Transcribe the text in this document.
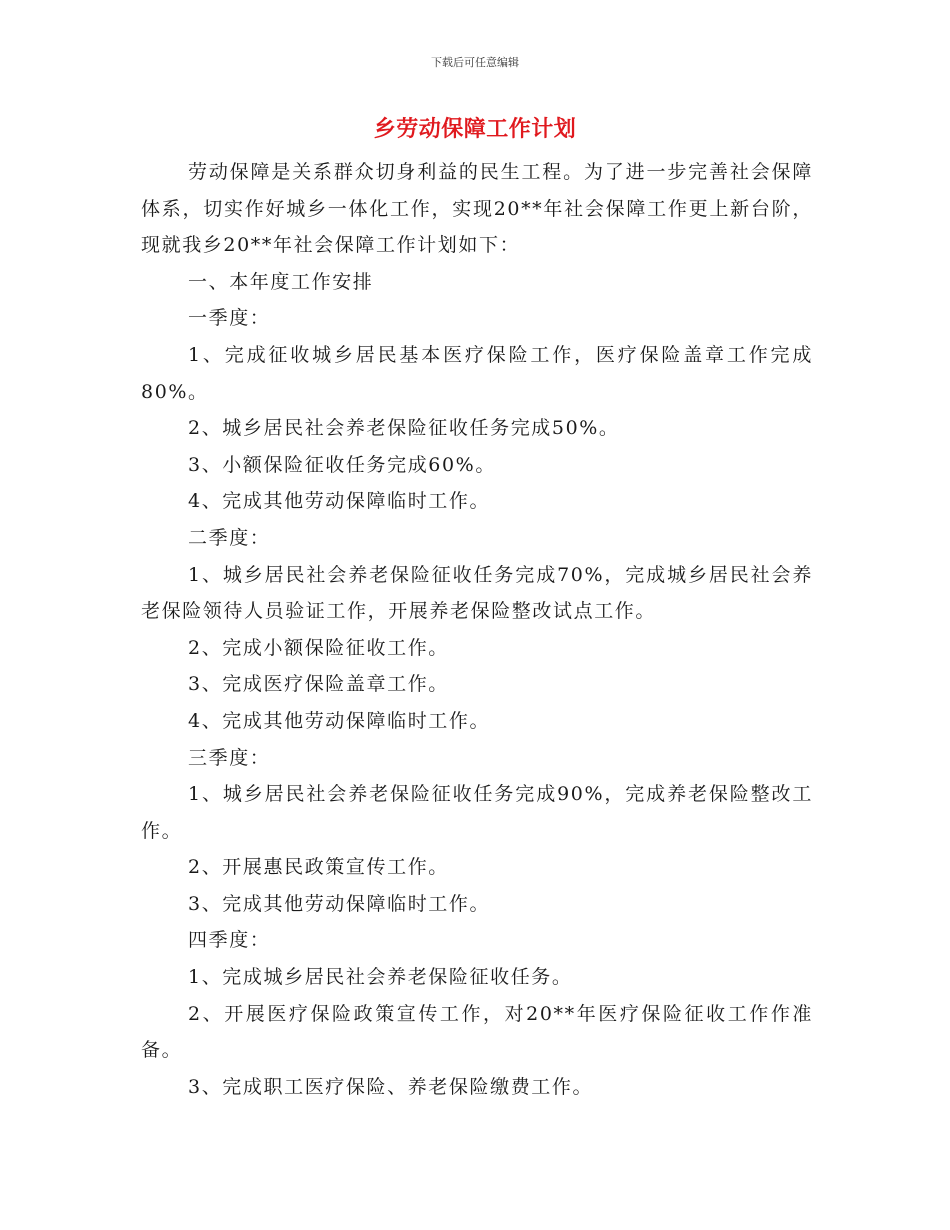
下载后可任意编辑
乡劳动保障工作计划

劳动保障是关系群众切身利益的民生工程。为了进一步完善社会保障体系，切实作好城乡一体化工作，实现20**年社会保障工作更上新台阶，现就我乡20**年社会保障工作计划如下：

一、本年度工作安排

一季度：

1、完成征收城乡居民基本医疗保险工作，医疗保险盖章工作完成80%。

2、城乡居民社会养老保险征收任务完成50%。

3、小额保险征收任务完成60%。

4、完成其他劳动保障临时工作。

二季度：

1、城乡居民社会养老保险征收任务完成70%，完成城乡居民社会养老保险领待人员验证工作，开展养老保险整改试点工作。

2、完成小额保险征收工作。

3、完成医疗保险盖章工作。

4、完成其他劳动保障临时工作。

三季度：

1、城乡居民社会养老保险征收任务完成90%，完成养老保险整改工作。

2、开展惠民政策宣传工作。

3、完成其他劳动保障临时工作。

四季度：

1、完成城乡居民社会养老保险征收任务。

2、开展医疗保险政策宣传工作，对20**年医疗保险征收工作作准备。

3、完成职工医疗保险、养老保险缴费工作。
